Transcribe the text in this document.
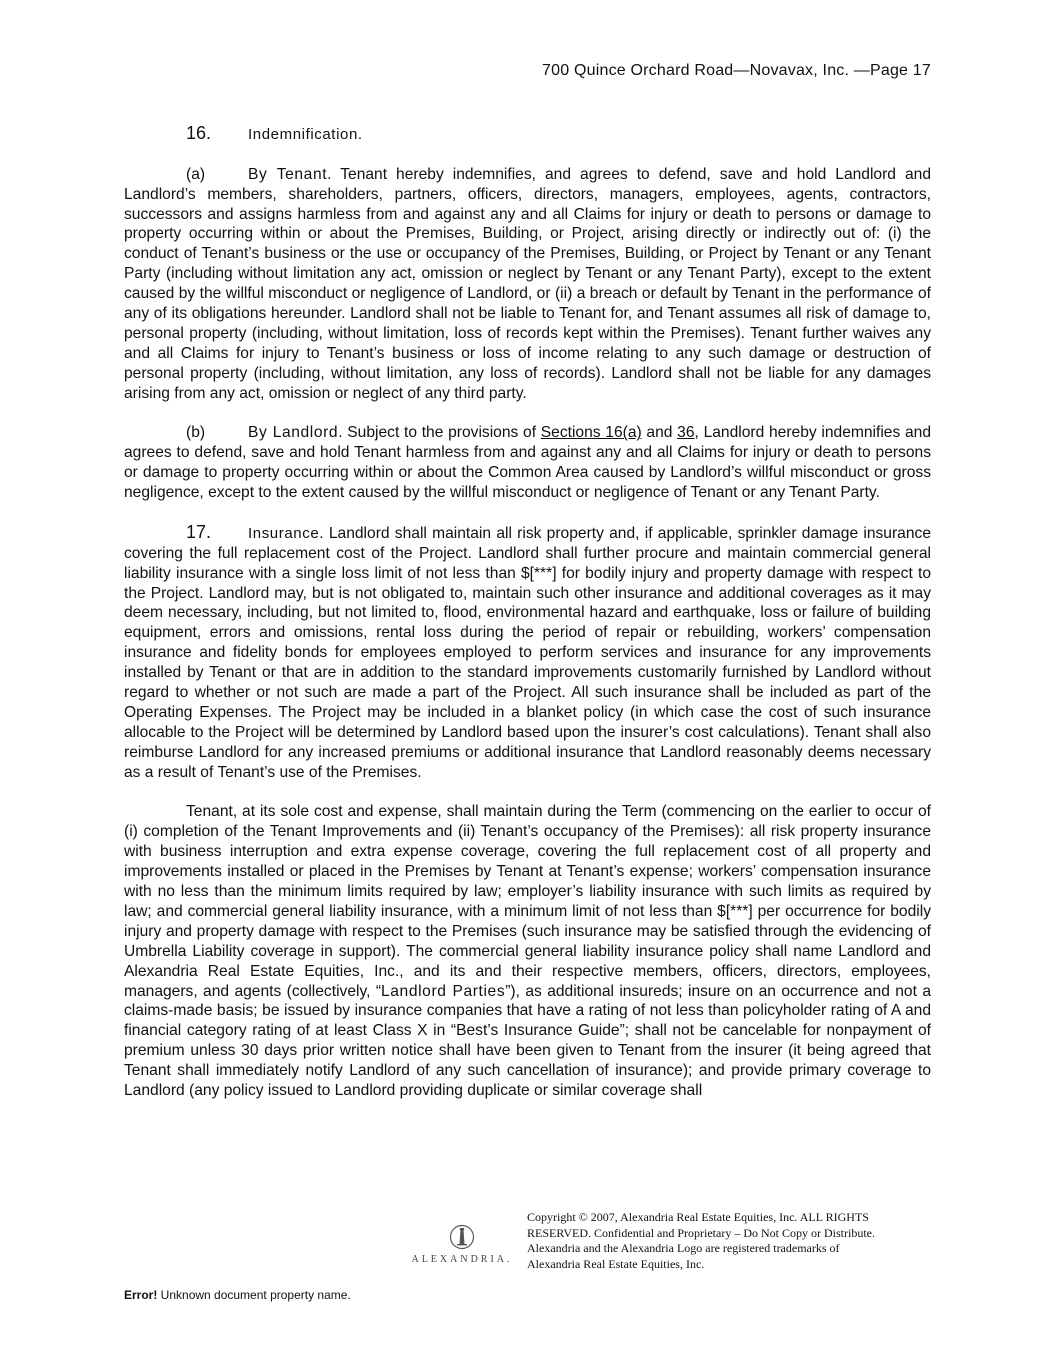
700 Quince Orchard Road—Novavax, Inc. —Page 17

16. Indemnification.

(a)	By Tenant. Tenant hereby indemnifies, and agrees to defend, save and hold Landlord and Landlord’s members, shareholders, partners, officers, directors, managers, employees, agents, contractors, successors and assigns harmless from and against any and all Claims for injury or death to persons or damage to property occurring within or about the Premises, Building, or Project, arising directly or indirectly out of: (i) the conduct of Tenant’s business or the use or occupancy of the Premises, Building, or Project by Tenant or any Tenant Party (including without limitation any act, omission or neglect by Tenant or any Tenant Party), except to the extent caused by the willful misconduct or negligence of Landlord, or (ii) a breach or default by Tenant in the performance of any of its obligations hereunder. Landlord shall not be liable to Tenant for, and Tenant assumes all risk of damage to, personal property (including, without limitation, loss of records kept within the Premises). Tenant further waives any and all Claims for injury to Tenant’s business or loss of income relating to any such damage or destruction of personal property (including, without limitation, any loss of records). Landlord shall not be liable for any damages arising from any act, omission or neglect of any third party.

(b)	By Landlord. Subject to the provisions of Sections 16(a) and 36, Landlord hereby indemnifies and agrees to defend, save and hold Tenant harmless from and against any and all Claims for injury or death to persons or damage to property occurring within or about the Common Area caused by Landlord’s willful misconduct or gross negligence, except to the extent caused by the willful misconduct or negligence of Tenant or any Tenant Party.

17. Insurance. Landlord shall maintain all risk property and, if applicable, sprinkler damage insurance covering the full replacement cost of the Project. Landlord shall further procure and maintain commercial general liability insurance with a single loss limit of not less than $[***] for bodily injury and property damage with respect to the Project. Landlord may, but is not obligated to, maintain such other insurance and additional coverages as it may deem necessary, including, but not limited to, flood, environmental hazard and earthquake, loss or failure of building equipment, errors and omissions, rental loss during the period of repair or rebuilding, workers’ compensation insurance and fidelity bonds for employees employed to perform services and insurance for any improvements installed by Tenant or that are in addition to the standard improvements customarily furnished by Landlord without regard to whether or not such are made a part of the Project. All such insurance shall be included as part of the Operating Expenses. The Project may be included in a blanket policy (in which case the cost of such insurance allocable to the Project will be determined by Landlord based upon the insurer’s cost calculations). Tenant shall also reimburse Landlord for any increased premiums or additional insurance that Landlord reasonably deems necessary as a result of Tenant’s use of the Premises.

Tenant, at its sole cost and expense, shall maintain during the Term (commencing on the earlier to occur of (i) completion of the Tenant Improvements and (ii) Tenant’s occupancy of the Premises): all risk property insurance with business interruption and extra expense coverage, covering the full replacement cost of all property and improvements installed or placed in the Premises by Tenant at Tenant’s expense; workers’ compensation insurance with no less than the minimum limits required by law; employer’s liability insurance with such limits as required by law; and commercial general liability insurance, with a minimum limit of not less than $[***] per occurrence for bodily injury and property damage with respect to the Premises (such insurance may be satisfied through the evidencing of Umbrella Liability coverage in support). The commercial general liability insurance policy shall name Landlord and Alexandria Real Estate Equities, Inc., and its and their respective members, officers, directors, employees, managers, and agents (collectively, “Landlord Parties”), as additional insureds; insure on an occurrence and not a claims-made basis; be issued by insurance companies that have a rating of not less than policyholder rating of A and financial category rating of at least Class X in “Best’s Insurance Guide”; shall not be cancelable for nonpayment of premium unless 30 days prior written notice shall have been given to Tenant from the insurer (it being agreed that Tenant shall immediately notify Landlord of any such cancellation of insurance); and provide primary coverage to Landlord (any policy issued to Landlord providing duplicate or similar coverage shall

ALEXANDRIA.
Copyright © 2007, Alexandria Real Estate Equities, Inc. ALL RIGHTS RESERVED. Confidential and Proprietary – Do Not Copy or Distribute. Alexandria and the Alexandria Logo are registered trademarks of Alexandria Real Estate Equities, Inc.
Error! Unknown document property name.
